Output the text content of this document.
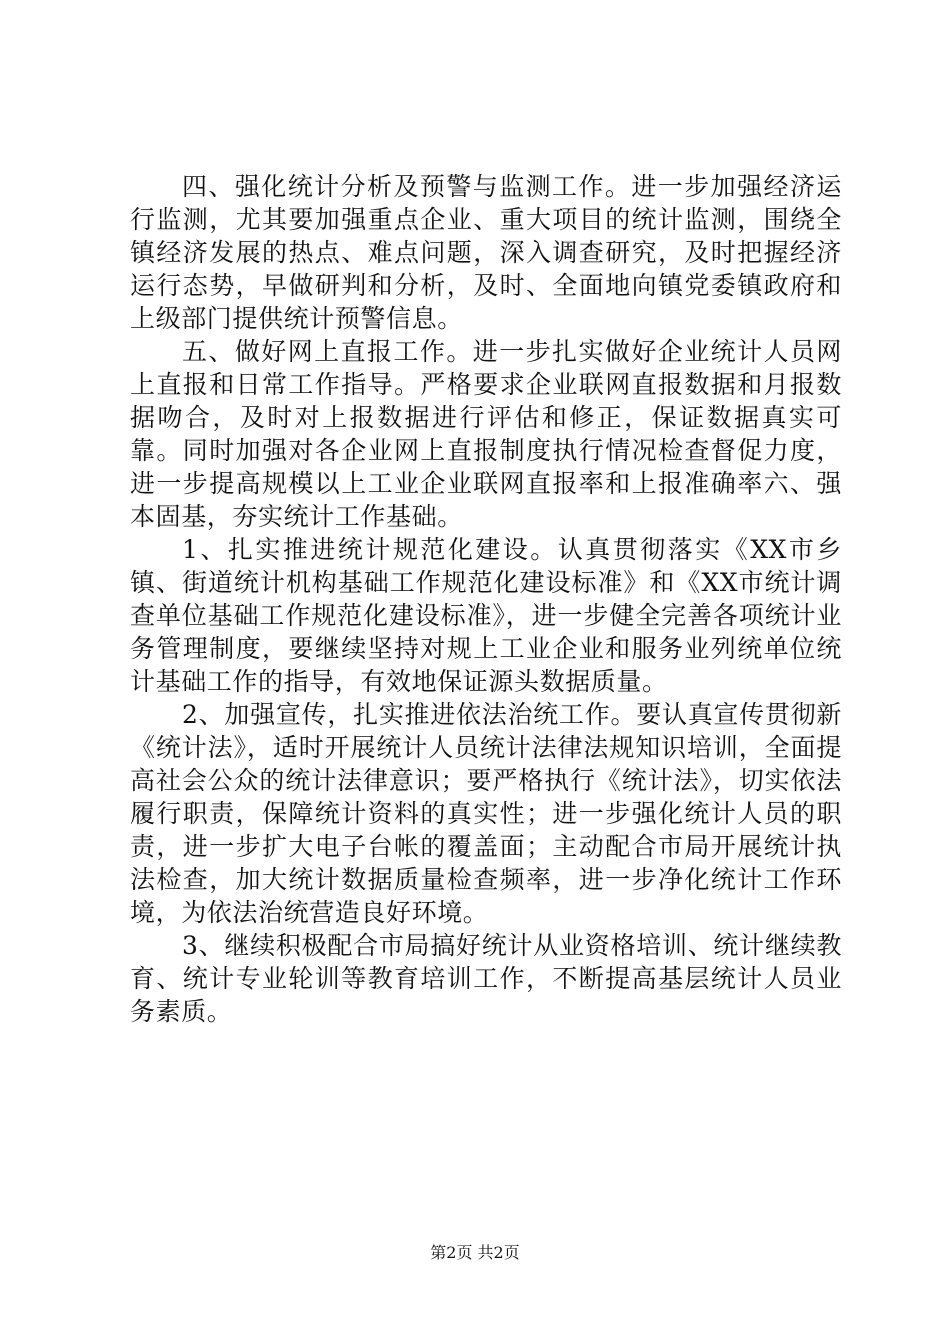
四、强化统计分析及预警与监测工作。进一步加强经济运行监测，尤其要加强重点企业、重大项目的统计监测，围绕全镇经济发展的热点、难点问题，深入调查研究，及时把握经济运行态势，早做研判和分析，及时、全面地向镇党委镇政府和上级部门提供统计预警信息。

五、做好网上直报工作。进一步扎实做好企业统计人员网上直报和日常工作指导。严格要求企业联网直报数据和月报数据吻合，及时对上报数据进行评估和修正，保证数据真实可靠。同时加强对各企业网上直报制度执行情况检查督促力度，进一步提高规模以上工业企业联网直报率和上报准确率六、强本固基，夯实统计工作基础。

1、扎实推进统计规范化建设。认真贯彻落实《XX市乡镇、街道统计机构基础工作规范化建设标准》和《XX市统计调查单位基础工作规范化建设标准》，进一步健全完善各项统计业务管理制度，要继续坚持对规上工业企业和服务业列统单位统计基础工作的指导，有效地保证源头数据质量。

2、加强宣传，扎实推进依法治统工作。要认真宣传贯彻新《统计法》，适时开展统计人员统计法律法规知识培训，全面提高社会公众的统计法律意识；要严格执行《统计法》，切实依法履行职责，保障统计资料的真实性；进一步强化统计人员的职责，进一步扩大电子台帐的覆盖面；主动配合市局开展统计执法检查，加大统计数据质量检查频率，进一步净化统计工作环境，为依法治统营造良好环境。

3、继续积极配合市局搞好统计从业资格培训、统计继续教育、统计专业轮训等教育培训工作，不断提高基层统计人员业务素质。

第2页 共2页
